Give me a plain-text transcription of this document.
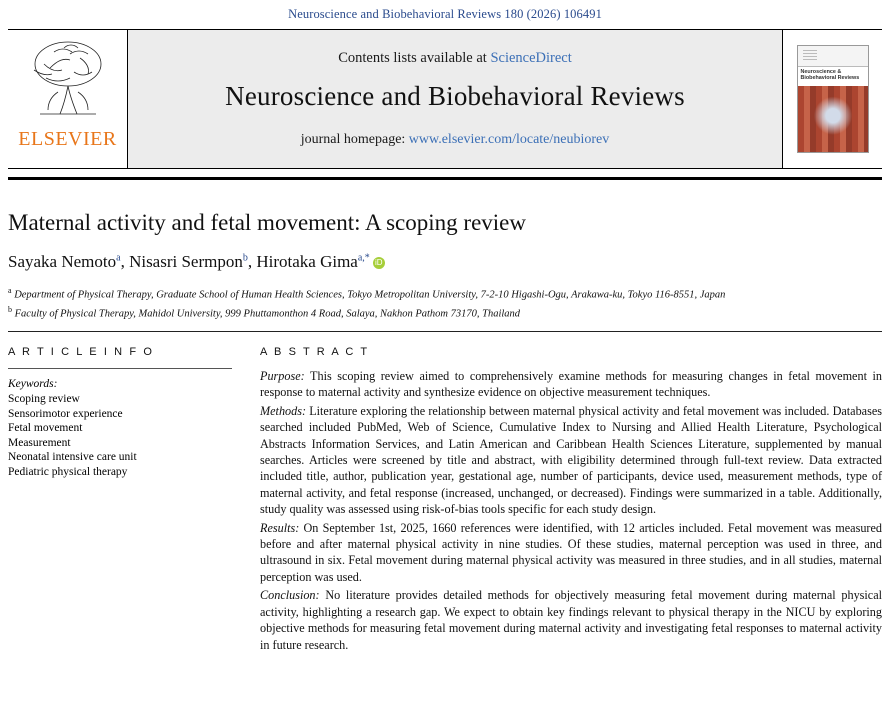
Neuroscience and Biobehavioral Reviews 180 (2026) 106491
ELSEVIER
Contents lists available at ScienceDirect
Neuroscience and Biobehavioral Reviews
journal homepage: www.elsevier.com/locate/neubiorev
Neuroscience & Biobehavioral Reviews
Maternal activity and fetal movement: A scoping review
Sayaka Nemoto$^a$, Nisasri Sermpon$^b$, Hirotaka Gima$^{a,*}$ iD
$^a$ Department of Physical Therapy, Graduate School of Human Health Sciences, Tokyo Metropolitan University, 7-2-10 Higashi-Ogu, Arakawa-ku, Tokyo 116-8551, Japan
$^b$ Faculty of Physical Therapy, Mahidol University, 999 Phuttamonthon 4 Road, Salaya, Nakhon Pathom 73170, Thailand
A R T I C L E I N F O
Keywords:
Scoping review
Sensorimotor experience
Fetal movement
Measurement
Neonatal intensive care unit
Pediatric physical therapy
A B S T R A C T

Purpose: This scoping review aimed to comprehensively examine methods for measuring changes in fetal movement in response to maternal activity and synthesize evidence on objective measurement techniques.

Methods: Literature exploring the relationship between maternal physical activity and fetal movement was included. Databases searched included PubMed, Web of Science, Cumulative Index to Nursing and Allied Health Literature, Psychological Abstracts Information Services, and Latin American and Caribbean Health Sciences Literature, supplemented by manual searches. Articles were screened by title and abstract, with eligibility determined through full-text review. Data extracted included title, author, publication year, gestational age, number of participants, device used, measurement methods, type of maternal activity, and fetal response (increased, unchanged, or decreased). Findings were summarized in a table. Additionally, study quality was assessed using risk-of-bias tools specific for each study design.

Results: On September 1st, 2025, 1660 references were identified, with 12 articles included. Fetal movement was measured before and after maternal physical activity in nine studies. Of these studies, maternal perception was used in three, and ultrasound in six. Fetal movement during maternal physical activity was measured in three studies, and in all studies, maternal perception was used.

Conclusion: No literature provides detailed methods for objectively measuring fetal movement during maternal physical activity, highlighting a research gap. We expect to obtain key findings relevant to physical therapy in the NICU by exploring objective methods for measuring fetal movement during maternal activity and investigating fetal responses to maternal activity in future research.
